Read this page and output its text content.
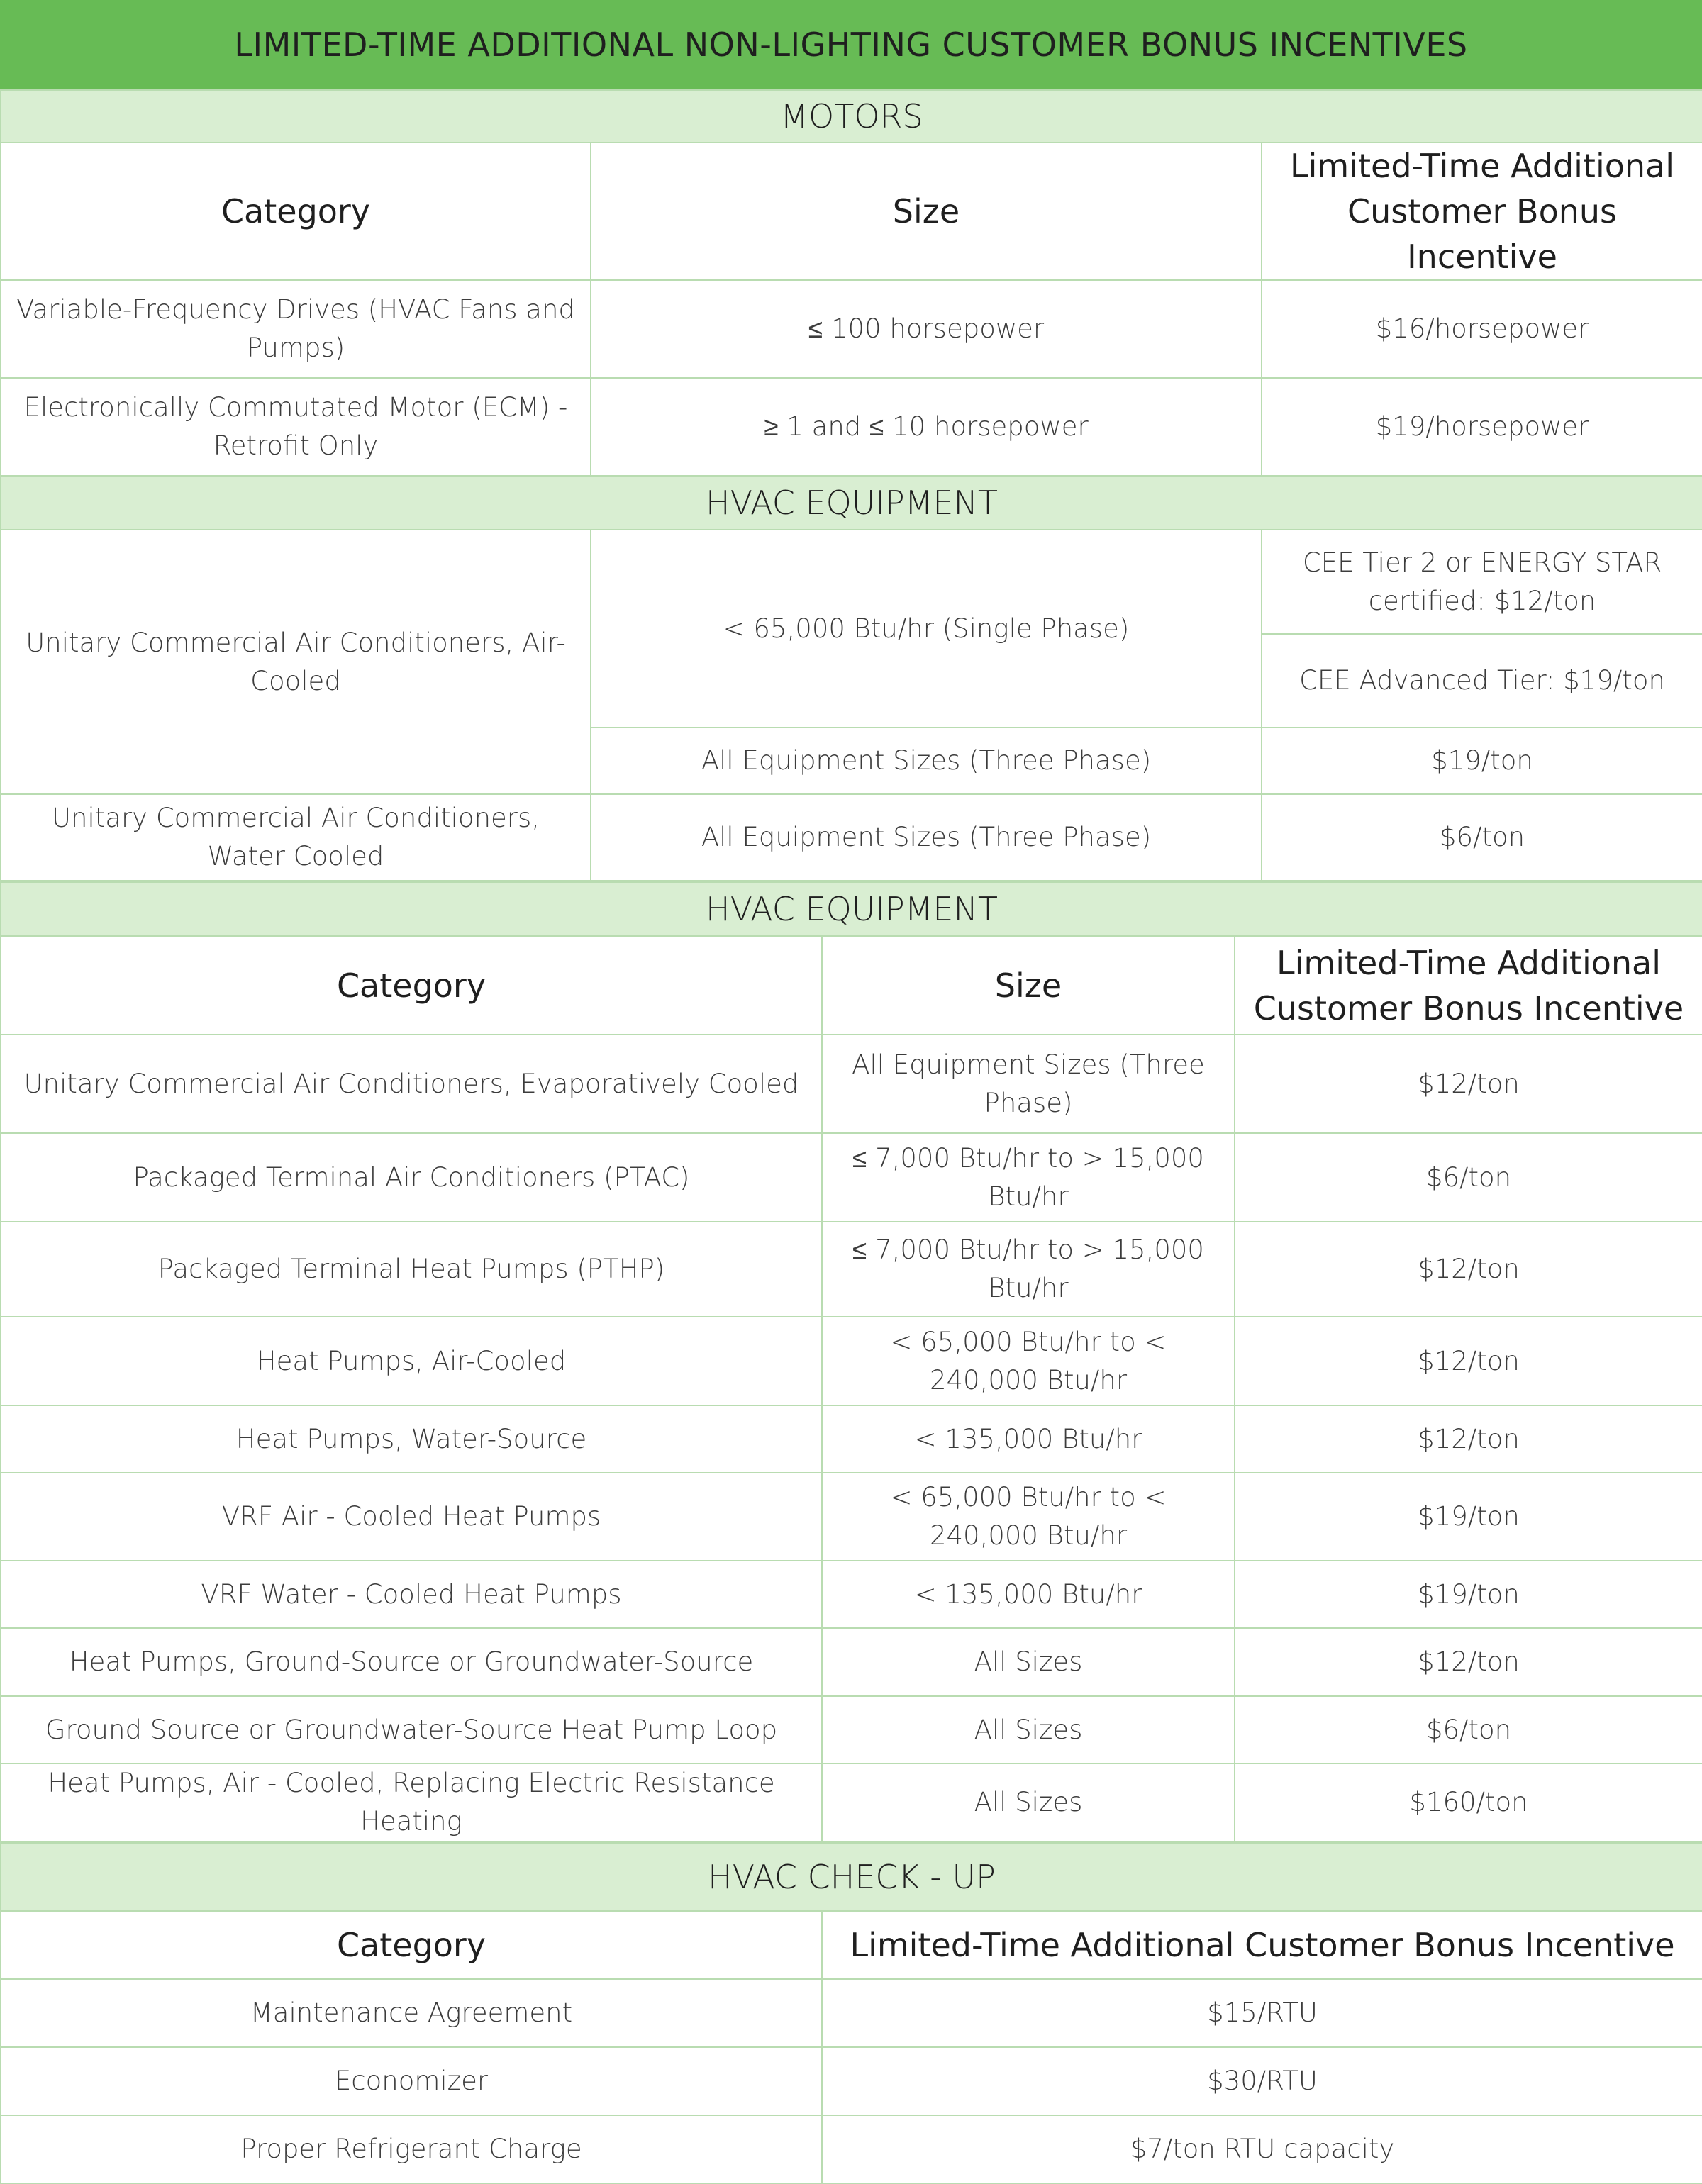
LIMITED-TIME ADDITIONAL NON-LIGHTING CUSTOMER BONUS INCENTIVES
MOTORS		
Category	Size	Limited-Time Additional Customer Bonus Incentive
Variable-Frequency Drives (HVAC Fans and Pumps)	≤ 100 horsepower	$16/horsepower
Electronically Commutated Motor (ECM) - Retrofit Only	≥ 1 and ≤ 10 horsepower	$19/horsepower
HVAC EQUIPMENT		
Unitary Commercial Air Conditioners, Air-Cooled	< 65,000 Btu/hr (Single Phase)	CEE Tier 2 or ENERGY STAR certified: $12/ton
		CEE Advanced Tier: $19/ton
	All Equipment Sizes (Three Phase)	$19/ton
Unitary Commercial Air Conditioners, Water Cooled	All Equipment Sizes (Three Phase)	$6/ton
HVAC EQUIPMENT		
Category	Size	Limited-Time Additional Customer Bonus Incentive
Unitary Commercial Air Conditioners, Evaporatively Cooled	All Equipment Sizes (Three Phase)	$12/ton
Packaged Terminal Air Conditioners (PTAC)	≤ 7,000 Btu/hr to > 15,000 Btu/hr	$6/ton
Packaged Terminal Heat Pumps (PTHP)	≤ 7,000 Btu/hr to > 15,000 Btu/hr	$12/ton
Heat Pumps, Air-Cooled	< 65,000 Btu/hr to < 240,000 Btu/hr	$12/ton
Heat Pumps, Water-Source	< 135,000 Btu/hr	$12/ton
VRF Air - Cooled Heat Pumps	< 65,000 Btu/hr to < 240,000 Btu/hr	$19/ton
VRF Water - Cooled Heat Pumps	< 135,000 Btu/hr	$19/ton
Heat Pumps, Ground-Source or Groundwater-Source	All Sizes	$12/ton
Ground Source or Groundwater-Source Heat Pump Loop	All Sizes	$6/ton
Heat Pumps, Air - Cooled, Replacing Electric Resistance Heating	All Sizes	$160/ton
HVAC CHECK - UP	
Category	Limited-Time Additional Customer Bonus Incentive
Maintenance Agreement	$15/RTU
Economizer	$30/RTU
Proper Refrigerant Charge	$7/ton RTU capacity
